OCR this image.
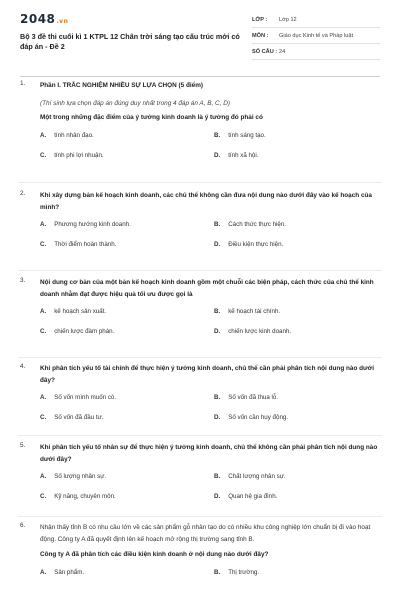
2048.vn
Bộ 3 đề thi cuối kì 1 KTPL 12 Chân trời sáng tạo cấu trúc mới có đáp án - Đề 2
LỚP :	Lớp 12
MÔN :	Giáo dục Kinh tế và Pháp luật
SỐ CÂU : 24
1. Phần I. TRẮC NGHIỆM NHIỀU SỰ LỰA CHỌN (5 điểm)
(Thí sinh lựa chọn đáp án đúng duy nhất trong 4 đáp án A, B, C, D)
Một trong những đặc điểm của ý tưởng kinh doanh là ý tưởng đó phải có
A. tính nhân đạo.	B. tính sáng tạo.
C. tính phi lợi nhuận.	D. tính xã hội.
2. Khi xây dựng bản kế hoạch kinh doanh, các chủ thể không cần đưa nội dung nào dưới đây vào kế hoạch của mình?
A. Phương hướng kinh doanh.	B. Cách thức thực hiện.
C. Thời điểm hoàn thành.	D. Điều kiện thực hiện.
3. Nội dung cơ bản của một bản kế hoạch kinh doanh gồm một chuỗi các biện pháp, cách thức của chủ thể kinh doanh nhằm đạt được hiệu quả tối ưu được gọi là
A. kế hoạch sản xuất.	B. kế hoạch tài chính.
C. chiến lược đàm phán.	D. chiến lược kinh doanh.
4. Khi phân tích yếu tố tài chính để thực hiện ý tưởng kinh doanh, chủ thể cần phải phân tích nội dung nào dưới đây?
A. Số vốn mình muốn có.	B. Số vốn đã thua lỗ.
C. Số vốn đã đầu tư.	D. Số vốn cần huy động.
5. Khi phân tích yếu tố nhân sự để thực hiện ý tưởng kinh doanh, chủ thể không cần phải phân tích nội dung nào dưới đây?
A. Số lượng nhân sự.	B. Chất lượng nhân sự.
C. Kỹ năng, chuyên môn.	D. Quan hệ gia đình.
6. Nhận thấy tỉnh B có nhu cầu lớn về các sản phẩm gỗ nhân tạo do có nhiều khu công nghiệp lớn chuẩn bị đi vào hoạt động. Công ty A đã quyết định lên kế hoạch mở rộng thị trường sang tỉnh B.
Công ty A đã phân tích các điều kiện kinh doanh ở nội dung nào dưới đây?
A. Sản phẩm.	B. Thị trường.
